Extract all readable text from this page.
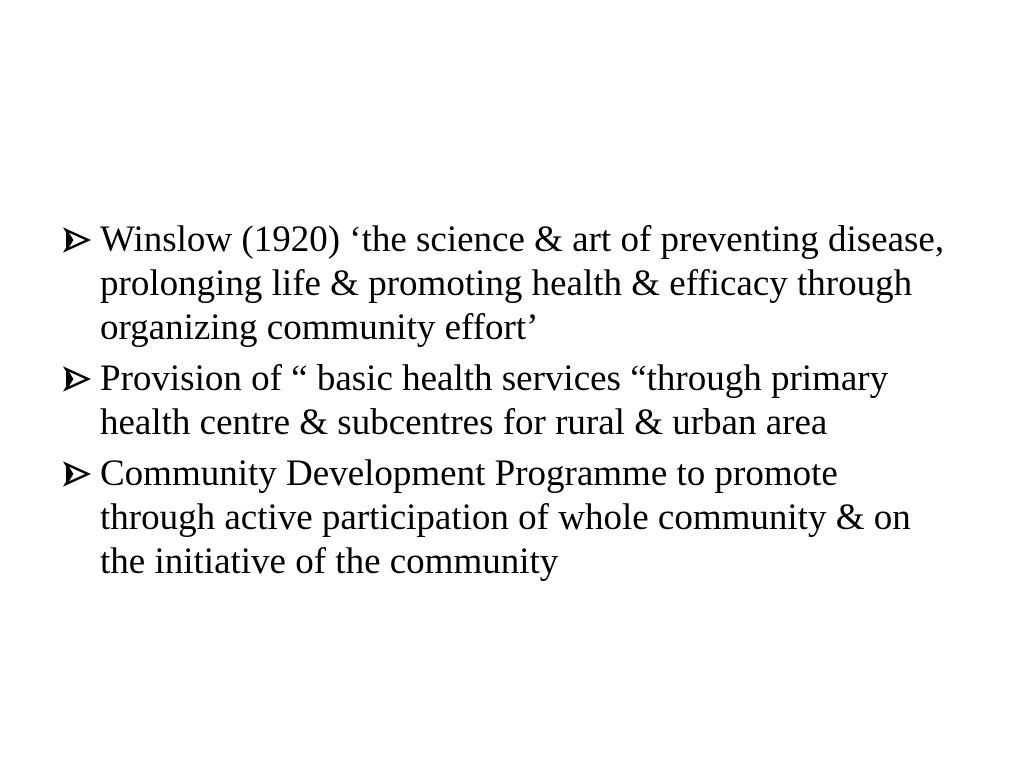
Winslow (1920) ‘the science & art of preventing disease, prolonging life & promoting health & efficacy through organizing community effort’
Provision of “ basic health services “through primary health centre & subcentres for rural & urban area
Community Development Programme to promote through active participation of whole community & on the initiative of the community
